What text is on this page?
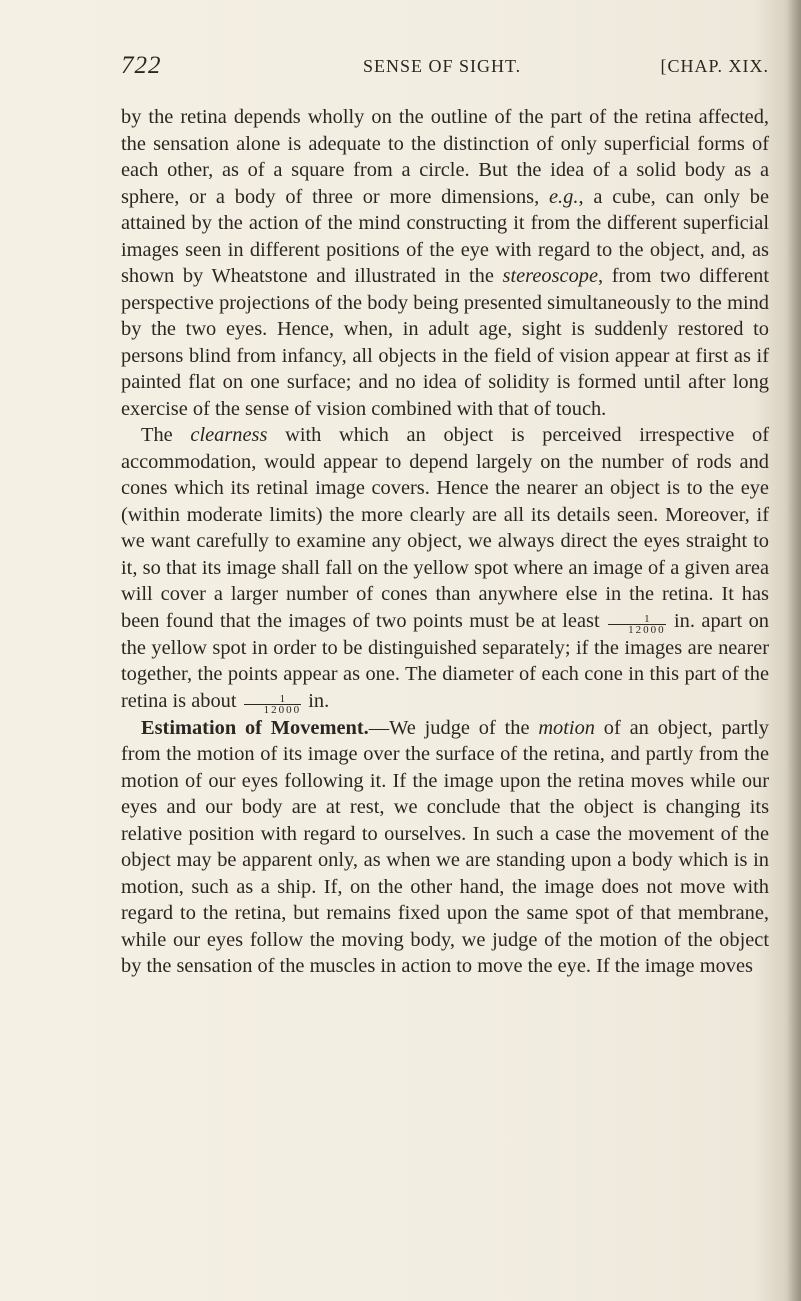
722	SENSE OF SIGHT.	[CHAP. XIX.

by the retina depends wholly on the outline of the part of the retina affected, the sensation alone is adequate to the distinction of only superficial forms of each other, as of a square from a circle. But the idea of a solid body as a sphere, or a body of three or more dimensions, e.g., a cube, can only be attained by the action of the mind constructing it from the different superficial images seen in different positions of the eye with regard to the object, and, as shown by Wheatstone and illustrated in the stereoscope, from two different perspective projections of the body being presented simultaneously to the mind by the two eyes. Hence, when, in adult age, sight is suddenly restored to persons blind from infancy, all objects in the field of vision appear at first as if painted flat on one surface; and no idea of solidity is formed until after long exercise of the sense of vision combined with that of touch.

The clearness with which an object is perceived irrespective of accommodation, would appear to depend largely on the number of rods and cones which its retinal image covers. Hence the nearer an object is to the eye (within moderate limits) the more clearly are all its details seen. Moreover, if we want carefully to examine any object, we always direct the eyes straight to it, so that its image shall fall on the yellow spot where an image of a given area will cover a larger number of cones than anywhere else in the retina. It has been found that the images of two points must be at least $\frac{1}{12000}$ in. apart on the yellow spot in order to be distinguished separately; if the images are nearer together, the points appear as one. The diameter of each cone in this part of the retina is about $\frac{1}{12000}$ in.

Estimation of Movement.—We judge of the motion of an object, partly from the motion of its image over the surface of the retina, and partly from the motion of our eyes following it. If the image upon the retina moves while our eyes and our body are at rest, we conclude that the object is changing its relative position with regard to ourselves. In such a case the movement of the object may be apparent only, as when we are standing upon a body which is in motion, such as a ship. If, on the other hand, the image does not move with regard to the retina, but remains fixed upon the same spot of that membrane, while our eyes follow the moving body, we judge of the motion of the object by the sensation of the muscles in action to move the eye. If the image moves
